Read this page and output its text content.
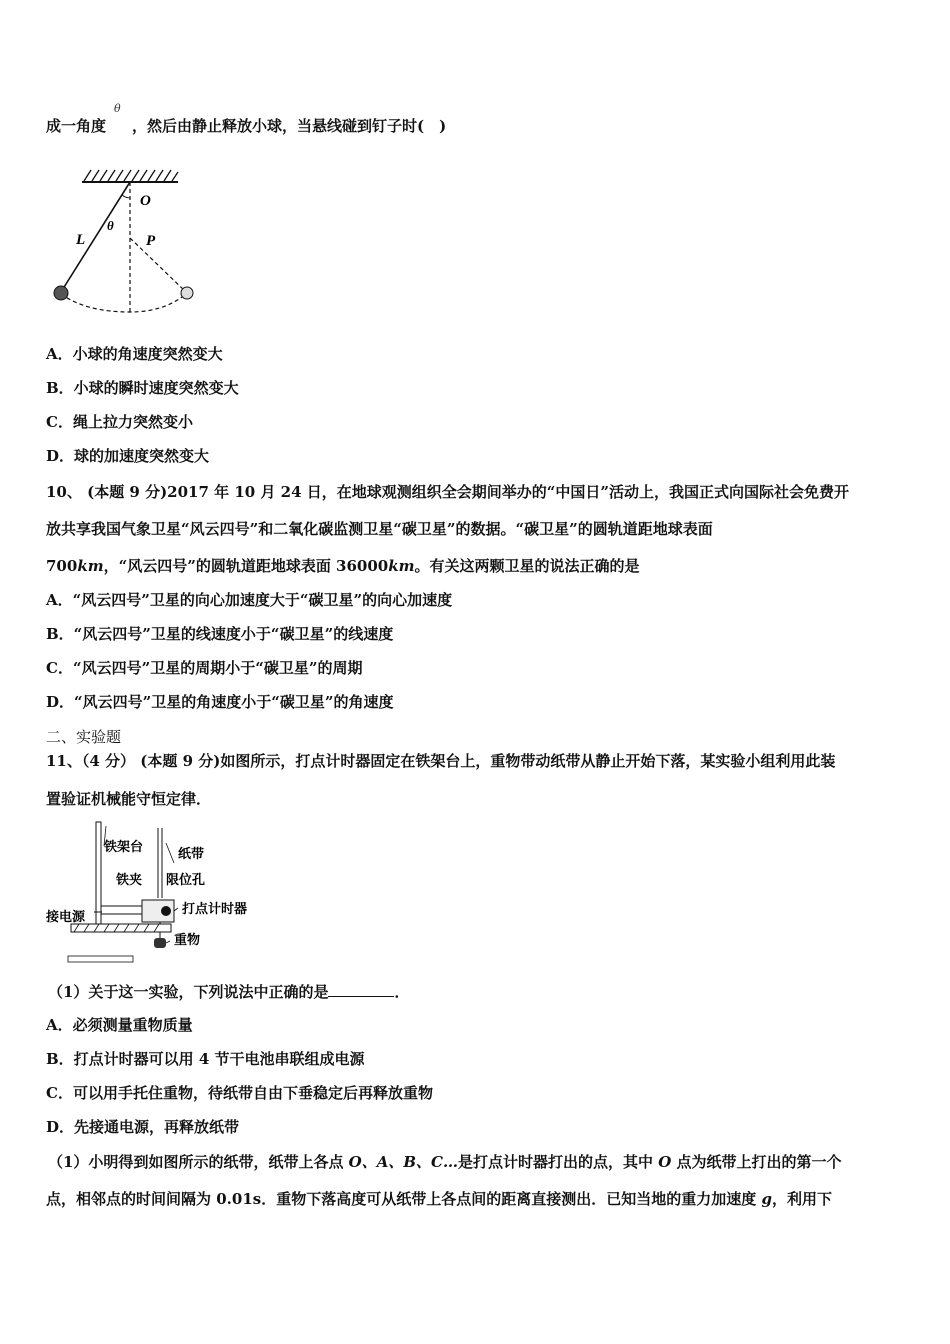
成一角度 ，然后由静止释放小球，当悬线碰到钉子时(　)
θ
O
L
θ
P
A．小球的角速度突然变大
B．小球的瞬时速度突然变大
C．绳上拉力突然变小
D．球的加速度突然变大
10、 (本题 9 分)2017 年 10 月 24 日，在地球观测组织全会期间举办的“中国日”活动上，我国正式向国际社会免费开
放共享我国气象卫星“风云四号”和二氧化碳监测卫星“碳卫星”的数据。“碳卫星”的圆轨道距地球表面
700km，“风云四号”的圆轨道距地球表面 36000km。有关这两颗卫星的说法正确的是
A．“风云四号”卫星的向心加速度大于“碳卫星”的向心加速度
B．“风云四号”卫星的线速度小于“碳卫星”的线速度
C．“风云四号”卫星的周期小于“碳卫星”的周期
D．“风云四号”卫星的角速度小于“碳卫星”的角速度
二、实验题
11、（4 分） (本题 9 分)如图所示，打点计时器固定在铁架台上，重物带动纸带从静止开始下落，某实验小组利用此装
置验证机械能守恒定律．
铁架台	纸带
铁夹 限位孔
接电源
打点计时器
重物
（1）关于这一实验，下列说法中正确的是	．
A．必须测量重物质量
B．打点计时器可以用 4 节干电池串联组成电源
C．可以用手托住重物，待纸带自由下垂稳定后再释放重物
D．先接通电源，再释放纸带
（1）小明得到如图所示的纸带，纸带上各点 O、A、B、C…是打点计时器打出的点，其中 O 点为纸带上打出的第一个
点，相邻点的时间间隔为 0.01s．重物下落高度可从纸带上各点间的距离直接测出．已知当地的重力加速度 g，利用下
